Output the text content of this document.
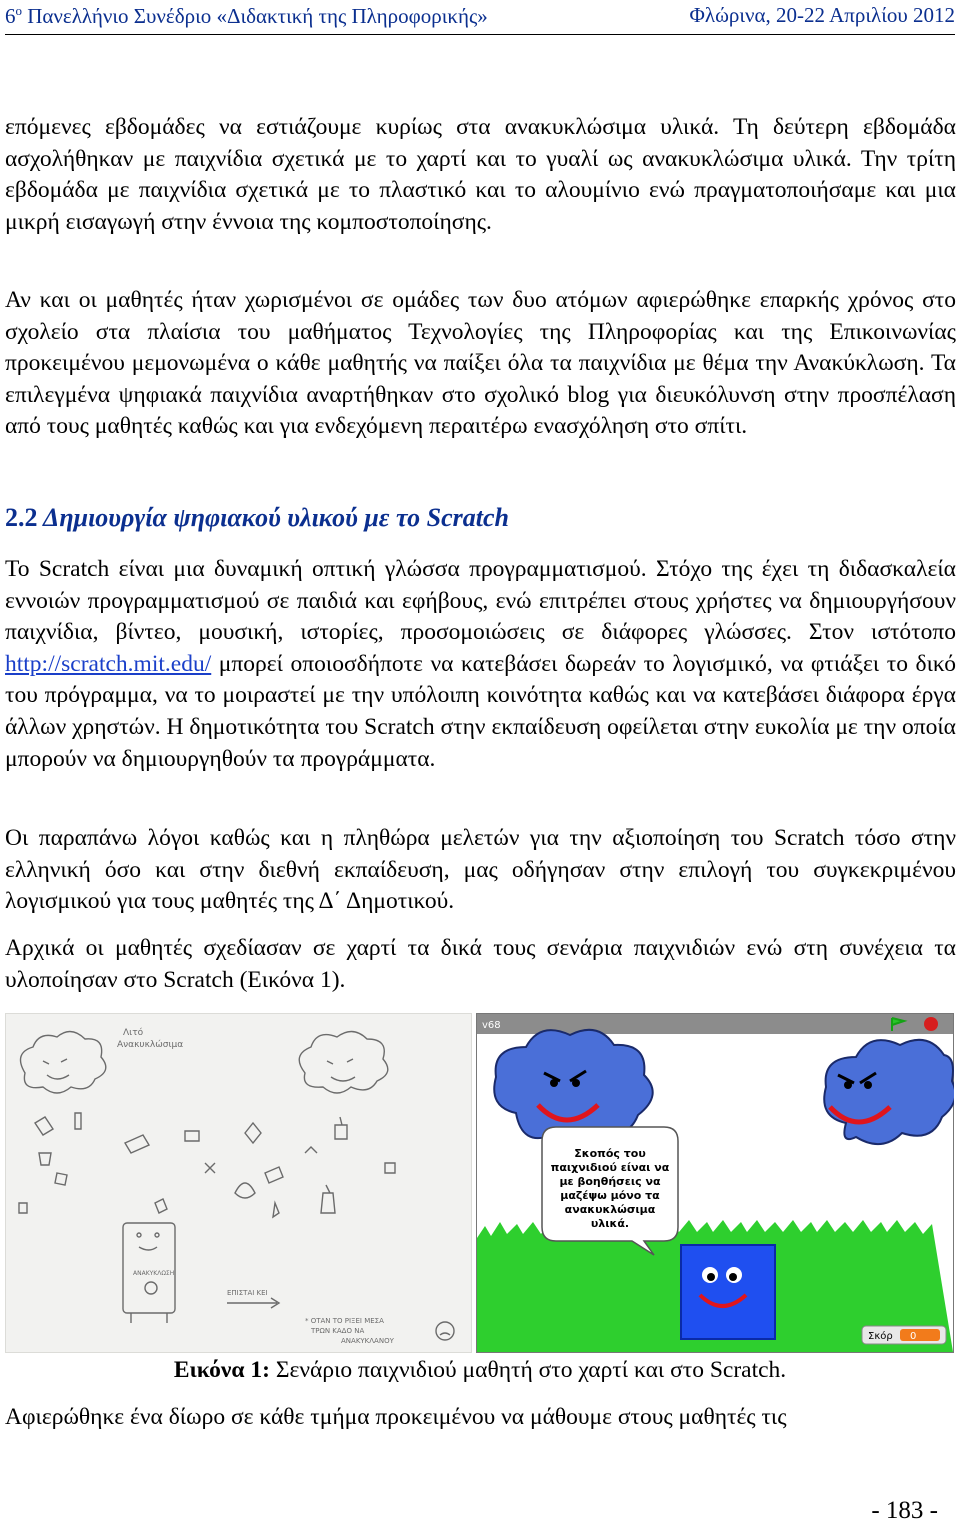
$6^o$ Πανελλήνιο Συνέδριο «Διδακτική της Πληροφορικής»	Φλώρινα, 20-22 Απριλίου 2012

επόμενες εβδομάδες να εστιάζουμε κυρίως στα ανακυκλώσιμα υλικά. Τη δεύτερη εβδομάδα ασχολήθηκαν με παιχνίδια σχετικά με το χαρτί και το γυαλί ως ανακυκλώσιμα υλικά. Την τρίτη εβδομάδα με παιχνίδια σχετικά με το πλαστικό και το αλουμίνιο ενώ πραγματοποιήσαμε και μια μικρή εισαγωγή στην έννοια της κομποστοποίησης.

Αν και οι μαθητές ήταν χωρισμένοι σε ομάδες των δυο ατόμων αφιερώθηκε επαρκής χρόνος στο σχολείο στα πλαίσια του μαθήματος Τεχνολογίες της Πληροφορίας και της Επικοινωνίας προκειμένου μεμονωμένα ο κάθε μαθητής να παίξει όλα τα παιχνίδια με θέμα την Ανακύκλωση. Τα επιλεγμένα ψηφιακά παιχνίδια αναρτήθηκαν στο σχολικό blog για διευκόλυνση στην προσπέλαση από τους μαθητές καθώς και για ενδεχόμενη περαιτέρω ενασχόληση στο σπίτι.

2.2 Δημιουργία ψηφιακού υλικού με το Scratch

Το Scratch είναι μια δυναμική οπτική γλώσσα προγραμματισμού. Στόχο της έχει τη διδασκαλεία εννοιών προγραμματισμού σε παιδιά και εφήβους, ενώ επιτρέπει στους χρήστες να δημιουργήσουν παιχνίδια, βίντεο, μουσική, ιστορίες, προσομοιώσεις σε διάφορες γλώσσες. Στον ιστότοπο http://scratch.mit.edu/ μπορεί οποιοσδήποτε να κατεβάσει δωρεάν το λογισμικό, να φτιάξει το δικό του πρόγραμμα, να το μοιραστεί με την υπόλοιπη κοινότητα καθώς και να κατεβάσει διάφορα έργα άλλων χρηστών. Η δημοτικότητα του Scratch στην εκπαίδευση οφείλεται στην ευκολία με την οποία μπορούν να δημιουργηθούν τα προγράμματα.

Οι παραπάνω λόγοι καθώς και η πληθώρα μελετών για την αξιοποίηση του Scratch τόσο στην ελληνική όσο και στην διεθνή εκπαίδευση, μας οδήγησαν στην επιλογή του συγκεκριμένου λογισμικού για τους μαθητές της Δ΄ Δημοτικού.

Αρχικά οι μαθητές σχεδίασαν σε χαρτί τα δικά τους σενάρια παιχνιδιών ενώ στη συνέχεια τα υλοποίησαν στο Scratch (Εικόνα 1).

Λιτό
Ανακυκλώσιμα
ΑΝΑΚΥΚΛΩΣΗ
ΕΠΙΣΤΑΙ ΚΕΙ
* ΟΤΑΝ ΤΟ ΡΙΞΕΙ ΜΕΣΑ
ΤΡΩΝ ΚΑΔΟ ΝΑ
ΑΝΑΚΥΚΛΑΝΟΥ
v68
Σκοπός του
παιχνιδιού είναι να
με βοηθήσεις να
μαζέψω μόνο τα
ανακυκλώσιμα
υλικά.
Σκόρ 0
Εικόνα 1: Σενάριο παιχνιδιού μαθητή στο χαρτί και στο Scratch.

Αφιερώθηκε ένα δίωρο σε κάθε τμήμα προκειμένου να μάθουμε στους μαθητές τις

- 183 -
